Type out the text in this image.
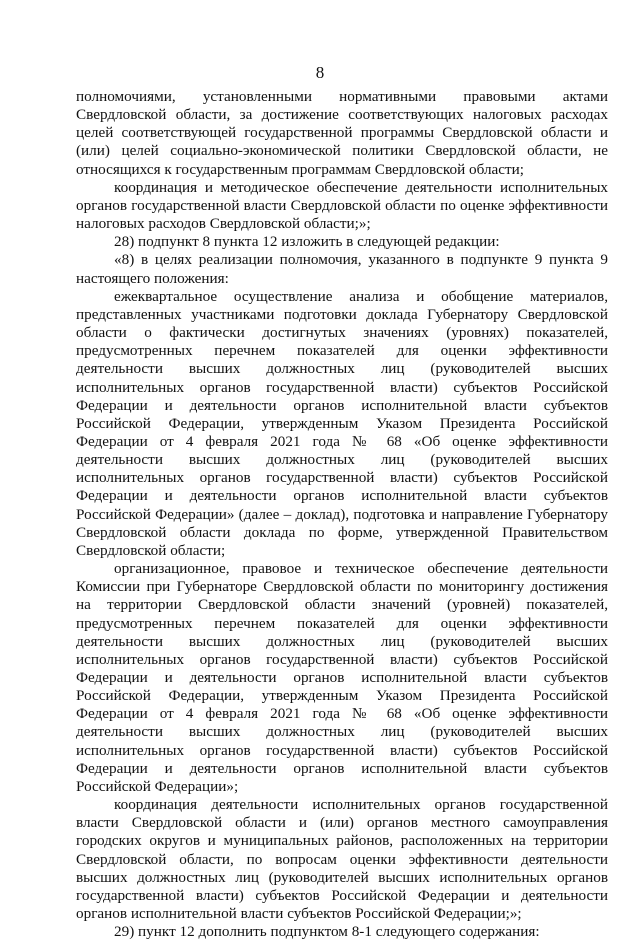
8

полномочиями, установленными нормативными правовыми актами Свердловской области, за достижение соответствующих налоговых расходах целей соответствующей государственной программы Свердловской области и (или) целей социально-экономической политики Свердловской области, не относящихся к государственным программам Свердловской области;

координация и методическое обеспечение деятельности исполнительных органов государственной власти Свердловской области по оценке эффективности налоговых расходов Свердловской области;»;

28) подпункт 8 пункта 12 изложить в следующей редакции:

«8) в целях реализации полномочия, указанного в подпункте 9 пункта 9 настоящего положения:

ежеквартальное осуществление анализа и обобщение материалов, представленных участниками подготовки доклада Губернатору Свердловской области о фактически достигнутых значениях (уровнях) показателей, предусмотренных перечнем показателей для оценки эффективности деятельности высших должностных лиц (руководителей высших исполнительных органов государственной власти) субъектов Российской Федерации и деятельности органов исполнительной власти субъектов Российской Федерации, утвержденным Указом Президента Российской Федерации от 4 февраля 2021 года № 68 «Об оценке эффективности деятельности высших должностных лиц (руководителей высших исполнительных органов государственной власти) субъектов Российской Федерации и деятельности органов исполнительной власти субъектов Российской Федерации» (далее – доклад), подготовка и направление Губернатору Свердловской области доклада по форме, утвержденной Правительством Свердловской области;

организационное, правовое и техническое обеспечение деятельности Комиссии при Губернаторе Свердловской области по мониторингу достижения на территории Свердловской области значений (уровней) показателей, предусмотренных перечнем показателей для оценки эффективности деятельности высших должностных лиц (руководителей высших исполнительных органов государственной власти) субъектов Российской Федерации и деятельности органов исполнительной власти субъектов Российской Федерации, утвержденным Указом Президента Российской Федерации от 4 февраля 2021 года № 68 «Об оценке эффективности деятельности высших должностных лиц (руководителей высших исполнительных органов государственной власти) субъектов Российской Федерации и деятельности органов исполнительной власти субъектов Российской Федерации»;

координация деятельности исполнительных органов государственной власти Свердловской области и (или) органов местного самоуправления городских округов и муниципальных районов, расположенных на территории Свердловской области, по вопросам оценки эффективности деятельности высших должностных лиц (руководителей высших исполнительных органов государственной власти) субъектов Российской Федерации и деятельности органов исполнительной власти субъектов Российской Федерации;»;

29) пункт 12 дополнить подпунктом 8-1 следующего содержания:
